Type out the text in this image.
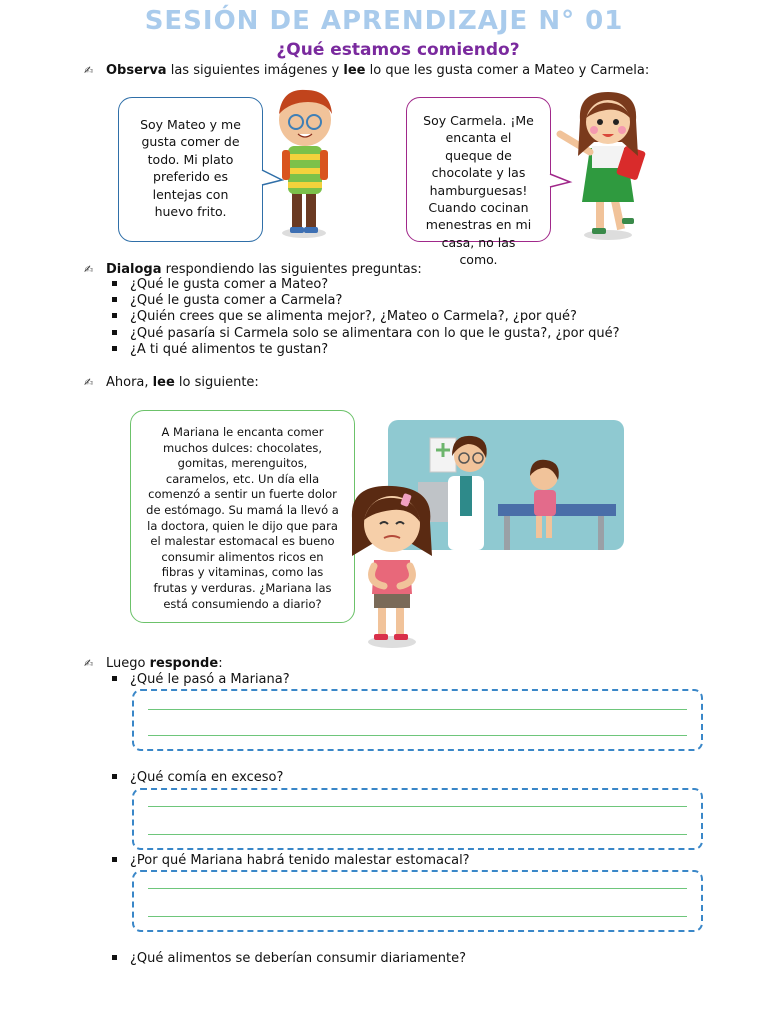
SESIÓN DE APRENDIZAJE N° 01
¿Qué estamos comiendo?
✍ Observa las siguientes imágenes y lee lo que les gusta comer a Mateo y Carmela:
Soy Mateo y me gusta comer de todo. Mi plato preferido es lentejas con huevo frito.
Soy Carmela. ¡Me encanta el queque de chocolate y las hamburguesas! Cuando cocinan menestras en mi casa, no las como.
✍ Dialoga respondiendo las siguientes preguntas:
¿Qué le gusta comer a Mateo?
¿Qué le gusta comer a Carmela?
¿Quién crees que se alimenta mejor?, ¿Mateo o Carmela?, ¿por qué?
¿Qué pasaría si Carmela solo se alimentara con lo que le gusta?, ¿por qué?
¿A ti qué alimentos te gustan?
✍ Ahora, lee lo siguiente:
A Mariana le encanta comer muchos dulces: chocolates, gomitas, merenguitos, caramelos, etc. Un día ella comenzó a sentir un fuerte dolor de estómago. Su mamá la llevó a la doctora, quien le dijo que para el malestar estomacal es bueno consumir alimentos ricos en fibras y vitaminas, como las frutas y verduras. ¿Mariana las está consumiendo a diario?
✍ Luego responde:
¿Qué le pasó a Mariana?
¿Qué comía en exceso?
¿Por qué Mariana habrá tenido malestar estomacal?
¿Qué alimentos se deberían consumir diariamente?
